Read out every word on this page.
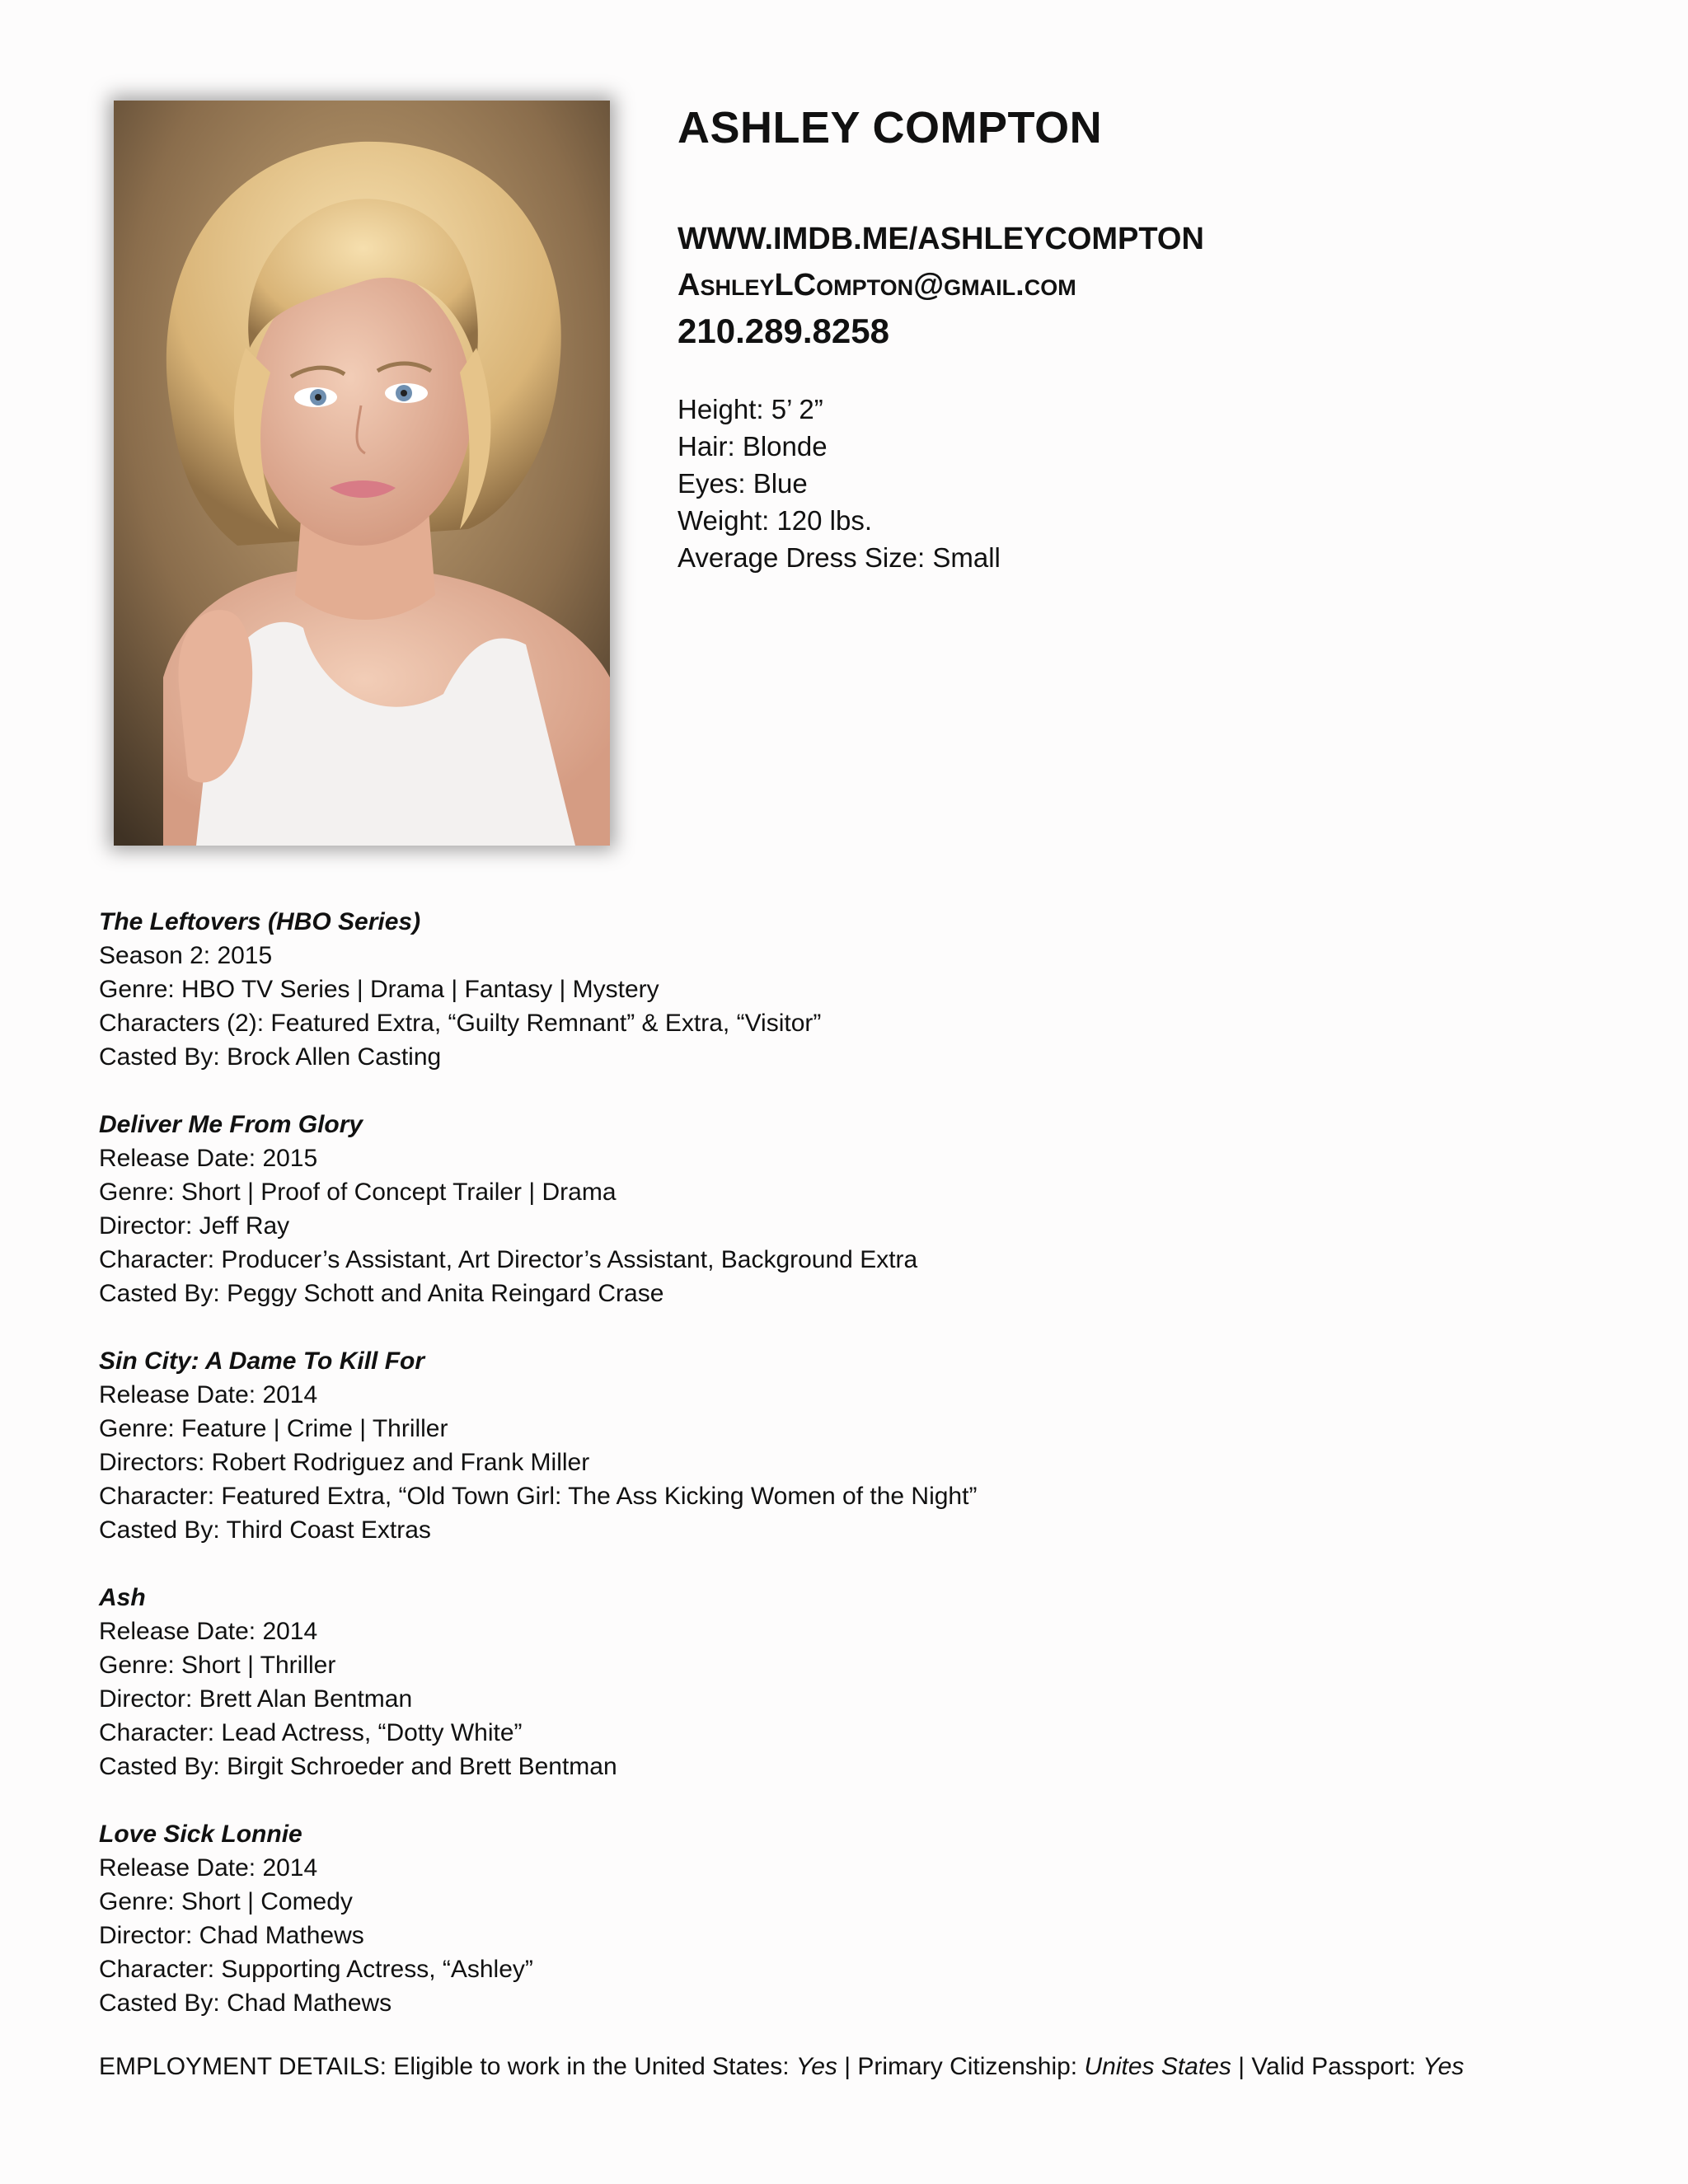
ASHLEY COMPTON
WWW.IMDB.ME/ASHLEYCOMPTON
AshleyLCompton@gmail.com
210.289.8258
Height: 5’ 2”
Hair: Blonde
Eyes: Blue
Weight: 120 lbs.
Average Dress Size: Small
The Leftovers (HBO Series)
Season 2: 2015
Genre: HBO TV Series | Drama | Fantasy | Mystery
Characters (2): Featured Extra, “Guilty Remnant” & Extra, “Visitor”
Casted By: Brock Allen Casting
Deliver Me From Glory
Release Date: 2015
Genre: Short | Proof of Concept Trailer | Drama
Director: Jeff Ray
Character: Producer’s Assistant, Art Director’s Assistant, Background Extra
Casted By: Peggy Schott and Anita Reingard Crase
Sin City: A Dame To Kill For
Release Date: 2014
Genre: Feature | Crime | Thriller
Directors: Robert Rodriguez and Frank Miller
Character: Featured Extra, “Old Town Girl: The Ass Kicking Women of the Night”
Casted By: Third Coast Extras
Ash
Release Date: 2014
Genre: Short | Thriller
Director: Brett Alan Bentman
Character: Lead Actress, “Dotty White”
Casted By: Birgit Schroeder and Brett Bentman
Love Sick Lonnie
Release Date: 2014
Genre: Short | Comedy
Director: Chad Mathews
Character: Supporting Actress, “Ashley”
Casted By: Chad Mathews
EMPLOYMENT DETAILS: Eligible to work in the United States: Yes | Primary Citizenship: Unites States | Valid Passport: Yes
